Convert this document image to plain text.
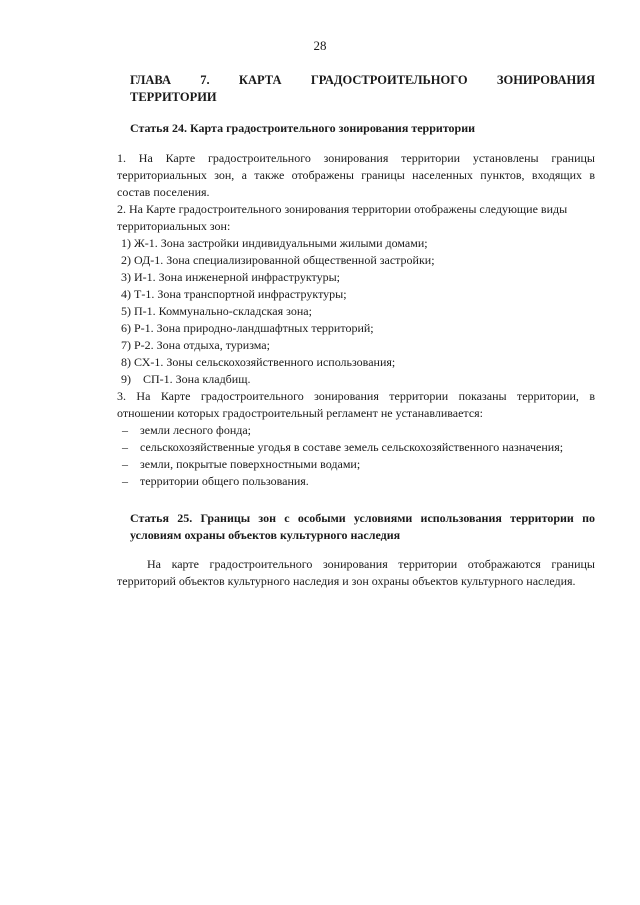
28
ГЛАВА 7. КАРТА ГРАДОСТРОИТЕЛЬНОГО ЗОНИРОВАНИЯ
ТЕРРИТОРИИ
Статья 24. Карта градостроительного зонирования территории
1. На Карте градостроительного зонирования территории установлены границы
территориальных зон, а также отображены границы населенных пунктов, входящих в
состав поселения.
2. На Карте градостроительного зонирования территории отображены следующие виды
территориальных зон:
1) Ж-1. Зона застройки индивидуальными жилыми домами;
2) ОД-1. Зона специализированной общественной застройки;
3) И-1. Зона инженерной инфраструктуры;
4) Т-1. Зона транспортной инфраструктуры;
5) П-1. Коммунально-складская зона;
6) Р-1. Зона природно-ландшафтных территорий;
7) Р-2. Зона отдыха, туризма;
8) СХ-1. Зоны сельскохозяйственного использования;
9)    СП-1. Зона кладбищ.
3. На Карте градостроительного зонирования территории показаны территории, в
отношении которых градостроительный регламент не устанавливается:
– земли лесного фонда;
– сельскохозяйственные угодья в составе земель сельскохозяйственного назначения;
– земли, покрытые поверхностными водами;
– территории общего пользования.
Статья 25. Границы зон с особыми условиями использования территории по
условиям охраны объектов культурного наследия
На карте градостроительного зонирования территории отображаются границы
территорий объектов культурного наследия и зон охраны объектов культурного наследия.
